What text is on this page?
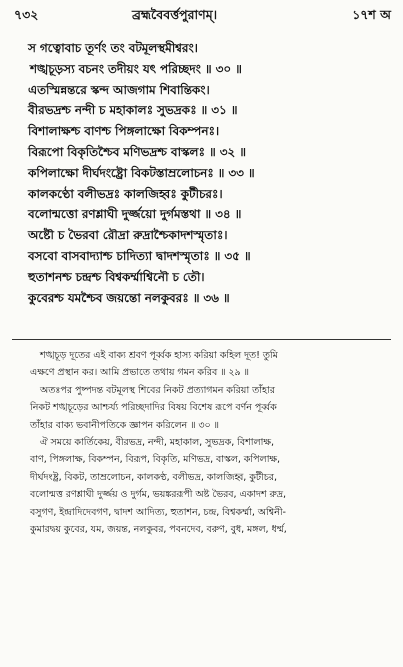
৭৩২	ব্রহ্মবৈবর্ত্তপুরাণম্।	১৭শ অ
স গত্বোবাচ তূর্ণং তং বটমূলস্থমীশ্বরং।
শঙ্খচূড়স্য বচনং তদীয়ং যৎ পরিচ্ছদং ॥ ৩০ ॥
এতস্মিন্নন্তরে স্কন্দ আজগাম শিবান্তিকং।
বীরভদ্রশ্চ নন্দী চ মহাকালঃ সুভদ্রকঃ ॥ ৩১ ॥
বিশালাক্ষশ্চ বাণশ্চ পিঙ্গলাক্ষো বিকম্পনঃ।
বিরূপো বিকৃতিশ্চৈব মণিভদ্রশ্চ বাস্কলঃ ॥ ৩২ ॥
কপিলাক্ষো দীর্ঘদংষ্ট্রো বিকটস্তাম্রলোচনঃ ॥ ৩৩ ॥
কালকণ্ঠো বলীভদ্রঃ কালজিহ্বঃ কুটীচরঃ।
বলোন্মত্তো রণশ্লাঘী দুর্জ্জয়ো দুর্গমস্তথা ॥ ৩৪ ॥
অষ্টৌ চ ভৈরবা রৌদ্রা রুদ্রাশ্চৈকাদশস্মৃতাঃ।
বসবো বাসবাদ্যাশ্চ চাদিত্যা দ্বাদশস্মৃতাঃ ॥ ৩৫ ॥
হুতাশনশ্চ চন্দ্রশ্চ বিশ্বকর্ম্মাশ্বিনৌ চ তৌ।
কুবেরশ্চ যমশ্চৈব জয়ন্তো নলকুবরঃ ॥ ৩৬ ॥

শঙ্খচূড় দূতের এই বাক্য শ্রবণ পূর্ব্বক হাস্য করিয়া কহিল দূত! তুমি
এক্ষণে প্রস্থান কর। আমি প্রভাতে তথায় গমন করিব ॥ ২৯ ॥

অতঃপর পুষ্পদন্ত বটমূলস্থ শিবের নিকট প্রত্যাগমন করিয়া তাঁহার
নিকট শঙ্খচূড়ের আশ্চর্য্য পরিচ্ছদাদির বিষয় বিশেষ রূপে বর্ণন পূর্ব্বক
তাঁহার বাক্য ভবানীপতিকে জ্ঞাপন করিলেন ॥ ৩০ ॥

ঐ সময়ে কার্তিকেয়, বীরভদ্র, নন্দী, মহাকাল, সুভদ্রক, বিশালাক্ষ,
বাণ, পিঙ্গলাক্ষ, বিকম্পন, বিরূপ, বিকৃতি, মণিভদ্র, বাস্কল, কপিলাক্ষ,
দীর্ঘদংষ্ট্র, বিকট, তাম্রলোচন, কালকণ্ঠ, বলীভদ্র, কালজিহ্ব, কুটীচর,
বলোন্মত্ত রণশ্লাঘী দুর্জ্জয় ও দুর্গম, ভয়ঙ্কররূপী অষ্ট ভৈরব, একাদশ রুদ্র,
বসুগণ, ইন্দ্রাদিদেবগণ, দ্বাদশ আদিত্য, হুতাশন, চন্দ্র, বিশ্বকর্ম্মা, অশ্বিনী-
কুমারদ্বয় কুবের, যম, জয়ন্ত, নলকুবর, পবনদেব, বরুণ, বুধ, মঙ্গল, ধর্ম্ম,
